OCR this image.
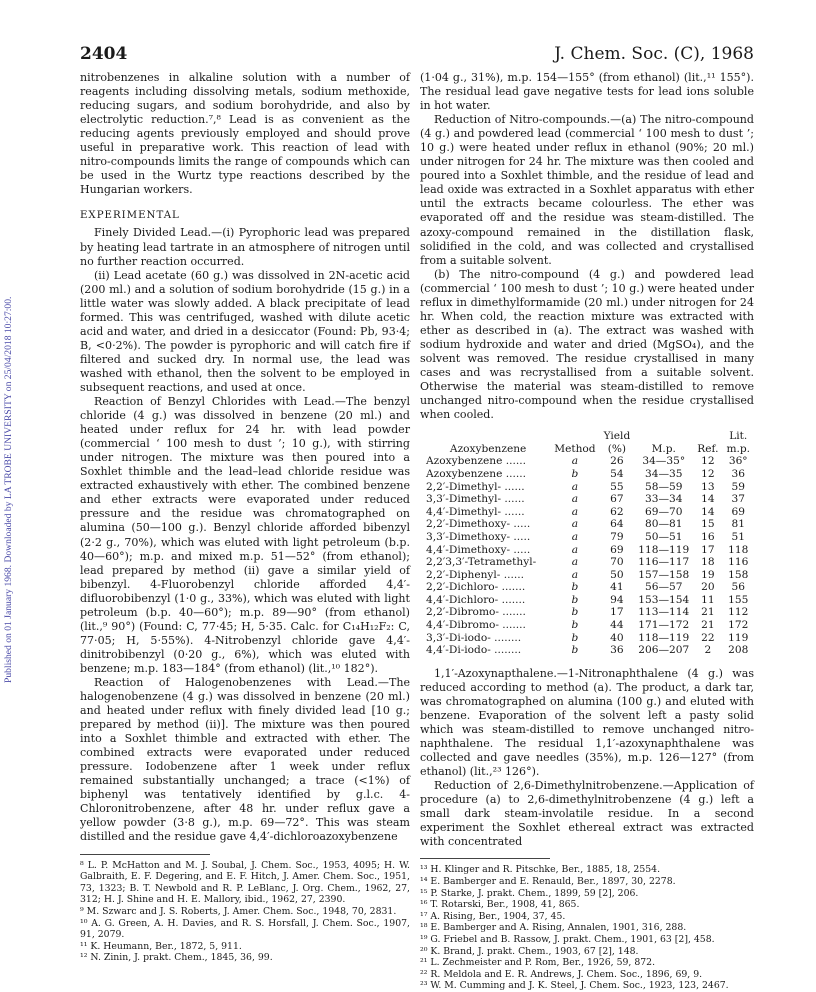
Published on 01 January 1968. Downloaded by LA TROBE UNIVERSITY on 25/04/2018 10:27:00.
2404	J. Chem. Soc. (C), 1968

nitrobenzenes in alkaline solution with a number of reagents including dissolving metals, sodium methoxide, reducing sugars, and sodium borohydride, and also by electrolytic reduction.⁷,⁸ Lead is as convenient as the reducing agents previously employed and should prove useful in preparative work. This reaction of lead with nitro-compounds limits the range of compounds which can be used in the Wurtz type reactions described by the Hungarian workers.

EXPERIMENTAL

Finely Divided Lead.—(i) Pyrophoric lead was prepared by heating lead tartrate in an atmosphere of nitrogen until no further reaction occurred.

(ii) Lead acetate (60 g.) was dissolved in 2N-acetic acid (200 ml.) and a solution of sodium borohydride (15 g.) in a little water was slowly added. A black precipitate of lead formed. This was centrifuged, washed with dilute acetic acid and water, and dried in a desiccator (Found: Pb, 93·4; B, <0·2%). The powder is pyrophoric and will catch fire if filtered and sucked dry. In normal use, the lead was washed with ethanol, then the solvent to be employed in subsequent reactions, and used at once.

Reaction of Benzyl Chlorides with Lead.—The benzyl chloride (4 g.) was dissolved in benzene (20 ml.) and heated under reflux for 24 hr. with lead powder (commercial ‘ 100 mesh to dust ’; 10 g.), with stirring under nitrogen. The mixture was then poured into a Soxhlet thimble and the lead–lead chloride residue was extracted exhaustively with ether. The combined benzene and ether extracts were evaporated under reduced pressure and the residue was chromatographed on alumina (50—100 g.). Benzyl chloride afforded bibenzyl (2·2 g., 70%), which was eluted with light petroleum (b.p. 40—60°); m.p. and mixed m.p. 51—52° (from ethanol); lead prepared by method (ii) gave a similar yield of bibenzyl. 4-Fluorobenzyl chloride afforded 4,4′-difluorobibenzyl (1·0 g., 33%), which was eluted with light petroleum (b.p. 40—60°); m.p. 89—90° (from ethanol) (lit.,⁹ 90°) (Found: C, 77·45; H, 5·35. Calc. for C₁₄H₁₂F₂: C, 77·05; H, 5·55%). 4-Nitrobenzyl chloride gave 4,4′-dinitrobibenzyl (0·20 g., 6%), which was eluted with benzene; m.p. 183—184° (from ethanol) (lit.,¹⁰ 182°).

Reaction of Halogenobenzenes with Lead.—The halogenobenzene (4 g.) was dissolved in benzene (20 ml.) and heated under reflux with finely divided lead [10 g.; prepared by method (ii)]. The mixture was then poured into a Soxhlet thimble and extracted with ether. The combined extracts were evaporated under reduced pressure. Iodobenzene after 1 week under reflux remained substantially unchanged; a trace (<1%) of biphenyl was tentatively identified by g.l.c. 4-Chloronitrobenzene, after 48 hr. under reflux gave a yellow powder (3·8 g.), m.p. 69—72°. This was steam distilled and the residue gave 4,4′-dichloroazoxybenzene

⁸ L. P. McHatton and M. J. Soubal, J. Chem. Soc., 1953, 4095; H. W. Galbraith, E. F. Degering, and E. F. Hitch, J. Amer. Chem. Soc., 1951, 73, 1323; B. T. Newbold and R. P. LeBlanc, J. Org. Chem., 1962, 27, 312; H. J. Shine and H. E. Mallory, ibid., 1962, 27, 2390.

⁹ M. Szwarc and J. S. Roberts, J. Amer. Chem. Soc., 1948, 70, 2831.

¹⁰ A. G. Green, A. H. Davies, and R. S. Horsfall, J. Chem. Soc., 1907, 91, 2079.

¹¹ K. Heumann, Ber., 1872, 5, 911.

¹² N. Zinin, J. prakt. Chem., 1845, 36, 99.

(1·04 g., 31%), m.p. 154—155° (from ethanol) (lit.,¹¹ 155°). The residual lead gave negative tests for lead ions soluble in hot water.

Reduction of Nitro-compounds.—(a) The nitro-compound (4 g.) and powdered lead (commercial ‘ 100 mesh to dust ’; 10 g.) were heated under reflux in ethanol (90%; 20 ml.) under nitrogen for 24 hr. The mixture was then cooled and poured into a Soxhlet thimble, and the residue of lead and lead oxide was extracted in a Soxhlet apparatus with ether until the extracts became colourless. The ether was evaporated off and the residue was steam-distilled. The azoxy-compound remained in the distillation flask, solidified in the cold, and was collected and crystallised from a suitable solvent.

(b) The nitro-compound (4 g.) and powdered lead (commercial ‘ 100 mesh to dust ’; 10 g.) were heated under reflux in dimethylformamide (20 ml.) under nitrogen for 24 hr. When cold, the reaction mixture was extracted with ether as described in (a). The extract was washed with sodium hydroxide and water and dried (MgSO₄), and the solvent was removed. The residue crystallised in many cases and was recrystallised from a suitable solvent. Otherwise the material was steam-distilled to remove unchanged nitro-compound when the residue crystallised when cooled.

Azoxybenzene	Method	Yield (%)	M.p.	Ref.	Lit. m.p.
Azoxybenzene ......	a	26	34—35°	12	36°
Azoxybenzene ......	b	54	34—35	12	36
2,2′-Dimethyl- ......	a	55	58—59	13	59
3,3′-Dimethyl- ......	a	67	33—34	14	37
4,4′-Dimethyl- ......	a	62	69—70	14	69
2,2′-Dimethoxy- .....	a	64	80—81	15	81
3,3′-Dimethoxy- .....	a	79	50—51	16	51
4,4′-Dimethoxy- .....	a	69	118—119	17	118
2,2′3,3′-Tetramethyl-	a	70	116—117	18	116
2,2′-Diphenyl- ......	a	50	157—158	19	158
2,2′-Dichloro- .......	b	41	56—57	20	56
4,4′-Dichloro- .......	b	94	153—154	11	155
2,2′-Dibromo- .......	b	17	113—114	21	112
4,4′-Dibromo- .......	b	44	171—172	21	172
3,3′-Di-iodo- ........	b	40	118—119	22	119
4,4′-Di-iodo- ........	b	36	206—207	2	208

1,1′-Azoxynapthalene.—1-Nitronaphthalene (4 g.) was reduced according to method (a). The product, a dark tar, was chromatographed on alumina (100 g.) and eluted with benzene. Evaporation of the solvent left a pasty solid which was steam-distilled to remove unchanged nitro-naphthalene. The residual 1,1′-azoxynaphthalene was collected and gave needles (35%), m.p. 126—127° (from ethanol) (lit.,²³ 126°).

Reduction of 2,6-Dimethylnitrobenzene.—Application of procedure (a) to 2,6-dimethylnitrobenzene (4 g.) left a small dark steam-involatile residue. In a second experiment the Soxhlet ethereal extract was extracted with concentrated

¹³ H. Klinger and R. Pitschke, Ber., 1885, 18, 2554.

¹⁴ E. Bamberger and E. Renauld, Ber., 1897, 30, 2278.

¹⁵ P. Starke, J. prakt. Chem., 1899, 59 [2], 206.

¹⁶ T. Rotarski, Ber., 1908, 41, 865.

¹⁷ A. Rising, Ber., 1904, 37, 45.

¹⁸ E. Bamberger and A. Rising, Annalen, 1901, 316, 288.

¹⁹ G. Friebel and B. Rassow, J. prakt. Chem., 1901, 63 [2], 458.

²⁰ K. Brand, J. prakt. Chem., 1903, 67 [2], 148.

²¹ L. Zechmeister and P. Rom, Ber., 1926, 59, 872.

²² R. Meldola and E. R. Andrews, J. Chem. Soc., 1896, 69, 9.

²³ W. M. Cumming and J. K. Steel, J. Chem. Soc., 1923, 123, 2467.
